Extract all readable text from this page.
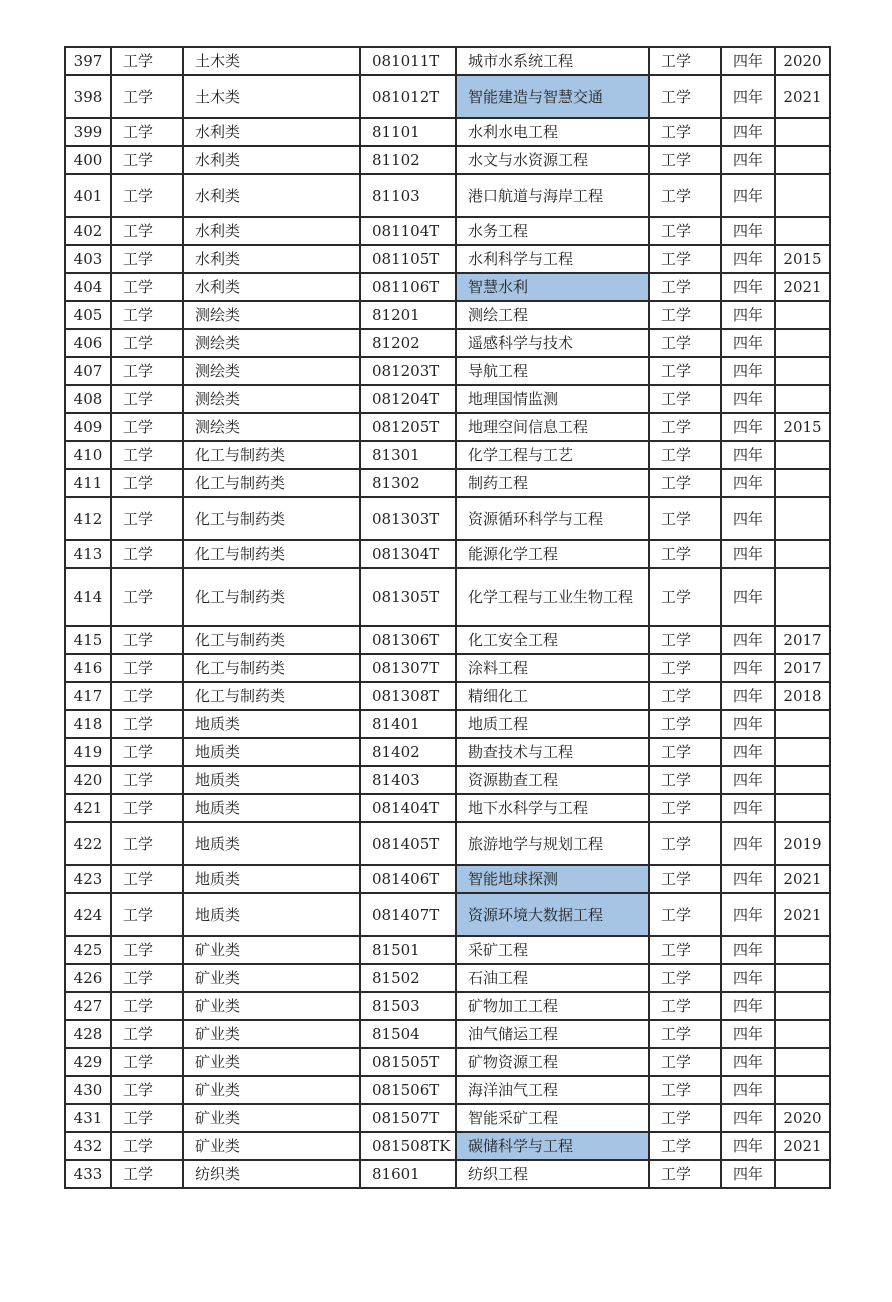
397	工学	土木类	081011T	城市水系统工程	工学	四年	2020
398	工学	土木类	081012T	智能建造与智慧交通	工学	四年	2021
399	工学	水利类	81101	水利水电工程	工学	四年	
400	工学	水利类	81102	水文与水资源工程	工学	四年	
401	工学	水利类	81103	港口航道与海岸工程	工学	四年	
402	工学	水利类	081104T	水务工程	工学	四年	
403	工学	水利类	081105T	水利科学与工程	工学	四年	2015
404	工学	水利类	081106T	智慧水利	工学	四年	2021
405	工学	测绘类	81201	测绘工程	工学	四年	
406	工学	测绘类	81202	遥感科学与技术	工学	四年	
407	工学	测绘类	081203T	导航工程	工学	四年	
408	工学	测绘类	081204T	地理国情监测	工学	四年	
409	工学	测绘类	081205T	地理空间信息工程	工学	四年	2015
410	工学	化工与制药类	81301	化学工程与工艺	工学	四年	
411	工学	化工与制药类	81302	制药工程	工学	四年	
412	工学	化工与制药类	081303T	资源循环科学与工程	工学	四年	
413	工学	化工与制药类	081304T	能源化学工程	工学	四年	
414	工学	化工与制药类	081305T	化学工程与工业生物工程	工学	四年	
415	工学	化工与制药类	081306T	化工安全工程	工学	四年	2017
416	工学	化工与制药类	081307T	涂料工程	工学	四年	2017
417	工学	化工与制药类	081308T	精细化工	工学	四年	2018
418	工学	地质类	81401	地质工程	工学	四年	
419	工学	地质类	81402	勘查技术与工程	工学	四年	
420	工学	地质类	81403	资源勘查工程	工学	四年	
421	工学	地质类	081404T	地下水科学与工程	工学	四年	
422	工学	地质类	081405T	旅游地学与规划工程	工学	四年	2019
423	工学	地质类	081406T	智能地球探测	工学	四年	2021
424	工学	地质类	081407T	资源环境大数据工程	工学	四年	2021
425	工学	矿业类	81501	采矿工程	工学	四年	
426	工学	矿业类	81502	石油工程	工学	四年	
427	工学	矿业类	81503	矿物加工工程	工学	四年	
428	工学	矿业类	81504	油气储运工程	工学	四年	
429	工学	矿业类	081505T	矿物资源工程	工学	四年	
430	工学	矿业类	081506T	海洋油气工程	工学	四年	
431	工学	矿业类	081507T	智能采矿工程	工学	四年	2020
432	工学	矿业类	081508TK	碳储科学与工程	工学	四年	2021
433	工学	纺织类	81601	纺织工程	工学	四年	
